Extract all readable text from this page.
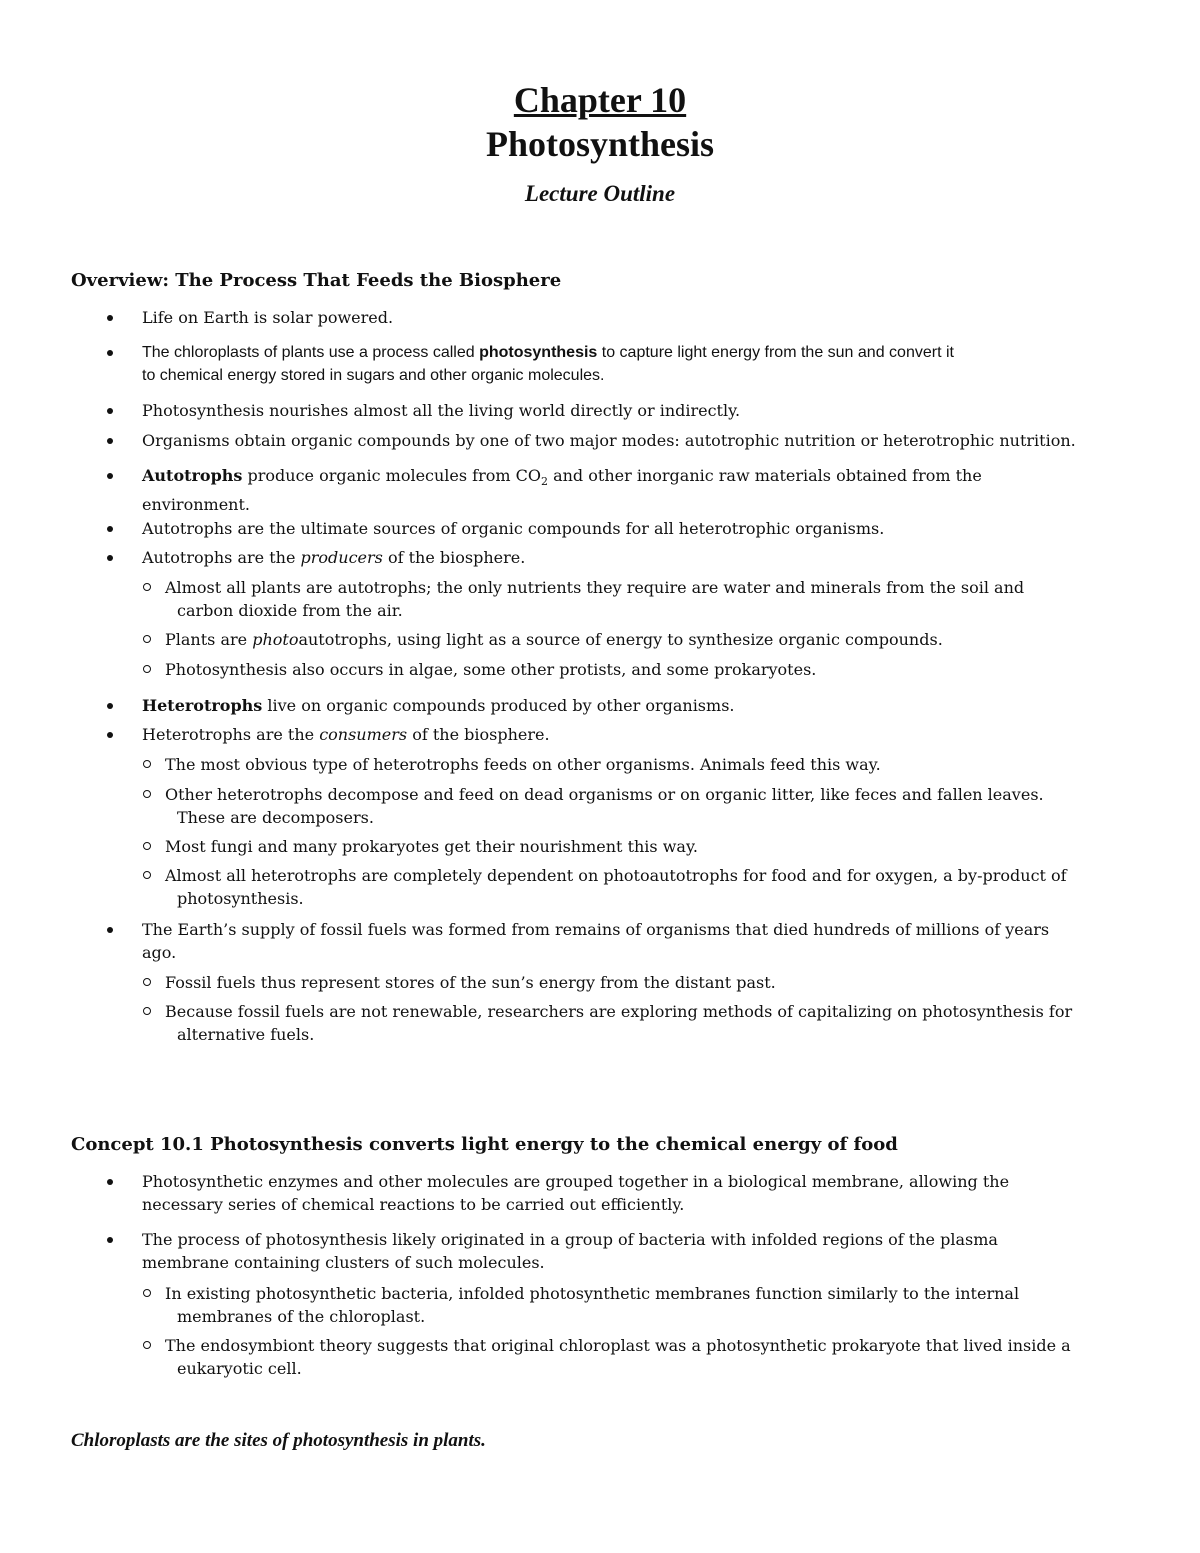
Chapter 10
Photosynthesis
Lecture Outline
Overview: The Process That Feeds the Biosphere
Life on Earth is solar powered.
The chloroplasts of plants use a process called photosynthesis to capture light energy from the sun and convert it
to chemical energy stored in sugars and other organic molecules.
Photosynthesis nourishes almost all the living world directly or indirectly.
Organisms obtain organic compounds by one of two major modes: autotrophic nutrition or heterotrophic nutrition.
Autotrophs produce organic molecules from $CO_2$ and other inorganic raw materials obtained from the
environment.
Autotrophs are the ultimate sources of organic compounds for all heterotrophic organisms.
Autotrophs are the producers of the biosphere.
Almost all plants are autotrophs; the only nutrients they require are water and minerals from the soil and
carbon dioxide from the air.
Plants are photoautotrophs, using light as a source of energy to synthesize organic compounds.
Photosynthesis also occurs in algae, some other protists, and some prokaryotes.
Heterotrophs live on organic compounds produced by other organisms.
Heterotrophs are the consumers of the biosphere.
The most obvious type of heterotrophs feeds on other organisms. Animals feed this way.
Other heterotrophs decompose and feed on dead organisms or on organic litter, like feces and fallen leaves.
These are decomposers.
Most fungi and many prokaryotes get their nourishment this way.
Almost all heterotrophs are completely dependent on photoautotrophs for food and for oxygen, a by-product of
photosynthesis.
The Earth’s supply of fossil fuels was formed from remains of organisms that died hundreds of millions of years
ago.
Fossil fuels thus represent stores of the sun’s energy from the distant past.
Because fossil fuels are not renewable, researchers are exploring methods of capitalizing on photosynthesis for
alternative fuels.
Concept 10.1 Photosynthesis converts light energy to the chemical energy of food
Photosynthetic enzymes and other molecules are grouped together in a biological membrane, allowing the
necessary series of chemical reactions to be carried out efficiently.
The process of photosynthesis likely originated in a group of bacteria with infolded regions of the plasma
membrane containing clusters of such molecules.
In existing photosynthetic bacteria, infolded photosynthetic membranes function similarly to the internal
membranes of the chloroplast.
The endosymbiont theory suggests that original chloroplast was a photosynthetic prokaryote that lived inside a
eukaryotic cell.
Chloroplasts are the sites of photosynthesis in plants.
